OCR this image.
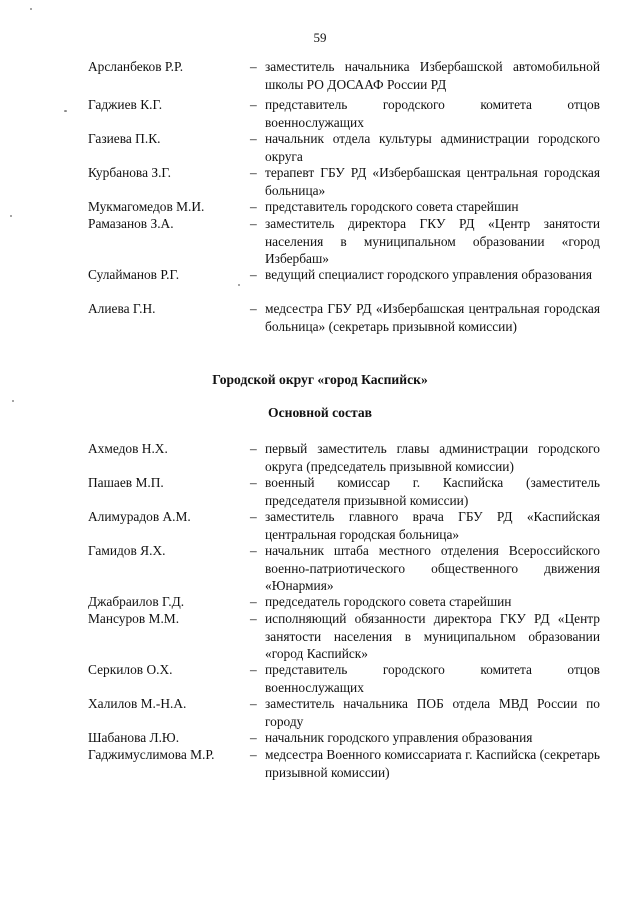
59
Арсланбеков Р.Р.	– заместитель начальника Избербашской автомобильной школы РО ДОСААФ России РД
Гаджиев К.Г.	– представитель городского комитета отцов военнослужащих
Газиева П.К.	– начальник отдела культуры администрации городского округа
Курбанова З.Г.	– терапевт ГБУ РД «Избербашская центральная городская больница»
Мукмагомедов М.И.	– представитель городского совета старейшин
Рамазанов З.А.	– заместитель директора ГКУ РД «Центр занятости населения в муниципальном образовании «город Избербаш»
Сулайманов Р.Г.	– ведущий специалист городского управления образования
Алиева Г.Н.	– медсестра ГБУ РД «Избербашская центральная городская больница» (секретарь призывной комиссии)
Городской округ «город Каспийск»
Основной состав
Ахмедов Н.Х.	– первый заместитель главы администрации городского округа (председатель призывной комиссии)
Пашаев М.П.	– военный комиссар г. Каспийска (заместитель председателя призывной комиссии)
Алимурадов А.М.	– заместитель главного врача ГБУ РД «Каспийская центральная городская больница»
Гамидов Я.Х.	– начальник штаба местного отделения Всероссийского военно-патриотического общественного движения «Юнармия»
Джабраилов Г.Д.	– председатель городского совета старейшин
Мансуров М.М.	– исполняющий обязанности директора ГКУ РД «Центр занятости населения в муниципальном образовании «город Каспийск»
Серкилов О.Х.	– представитель городского комитета отцов военнослужащих
Халилов М.-Н.А.	– заместитель начальника ПОБ отдела МВД России по городу
Шабанова Л.Ю.	– начальник городского управления образования
Гаджимуслимова М.Р.	– медсестра Военного комиссариата г. Каспийска (секретарь призывной комиссии)
